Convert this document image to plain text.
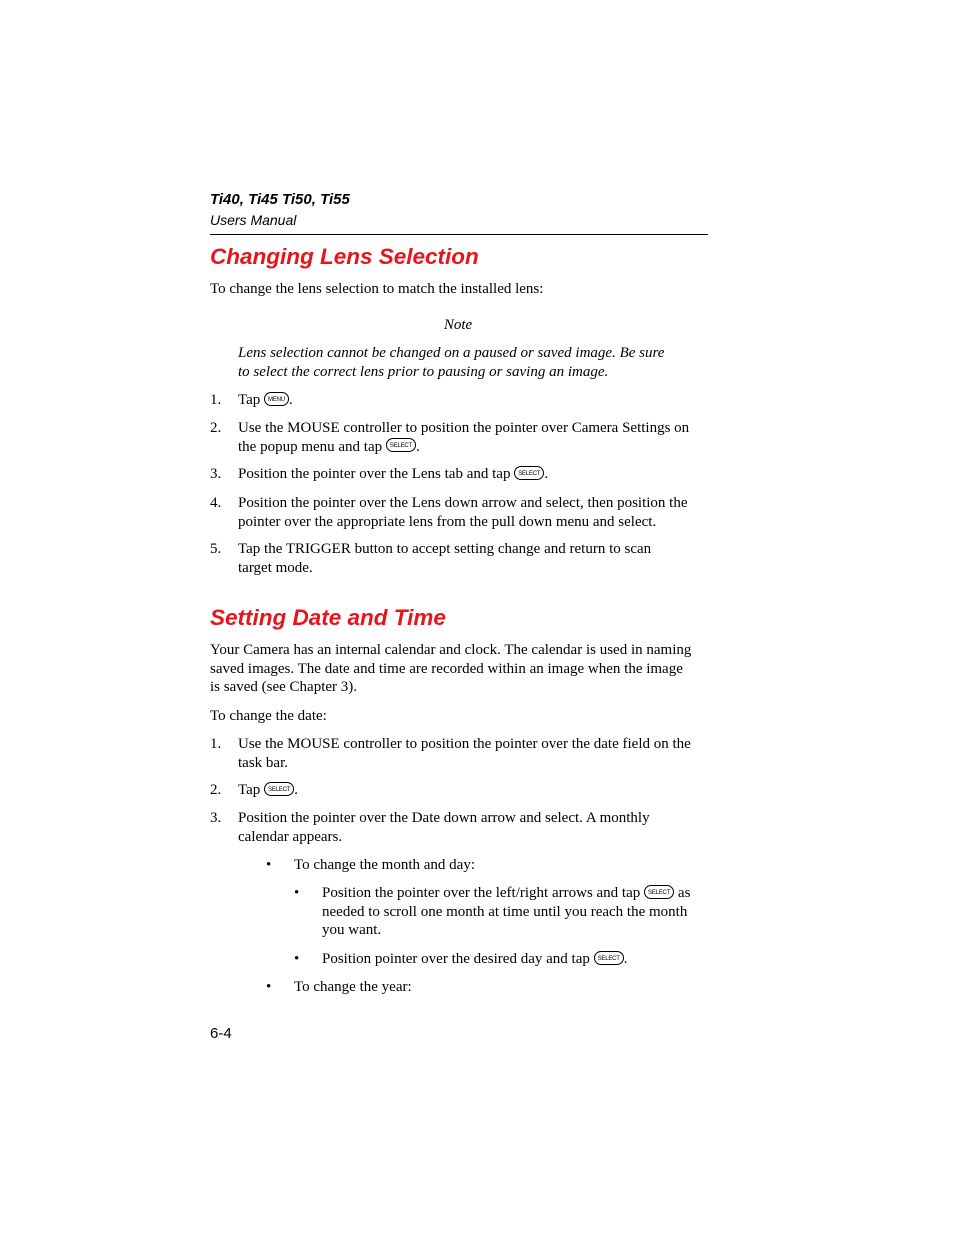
Ti40, Ti45 Ti50, Ti55
Users Manual
Changing Lens Selection
To change the lens selection to match the installed lens:
Note
Lens selection cannot be changed on a paused or saved image. Be sure to select the correct lens prior to pausing or saving an image.
1. Tap MENU .
2. Use the MOUSE controller to position the pointer over Camera Settings on the popup menu and tap SELECT .
3. Position the pointer over the Lens tab and tap SELECT .
4. Position the pointer over the Lens down arrow and select, then position the pointer over the appropriate lens from the pull down menu and select.
5. Tap the TRIGGER button to accept setting change and return to scan target mode.
Setting Date and Time
Your Camera has an internal calendar and clock. The calendar is used in naming saved images. The date and time are recorded within an image when the image is saved (see Chapter 3).
To change the date:
1. Use the MOUSE controller to position the pointer over the date field on the task bar.
2. Tap SELECT .
3. Position the pointer over the Date down arrow and select. A monthly calendar appears.
• To change the month and day:
• Position the pointer over the left/right arrows and tap SELECT as needed to scroll one month at time until you reach the month you want.
• Position pointer over the desired day and tap SELECT .
• To change the year:
6-4
